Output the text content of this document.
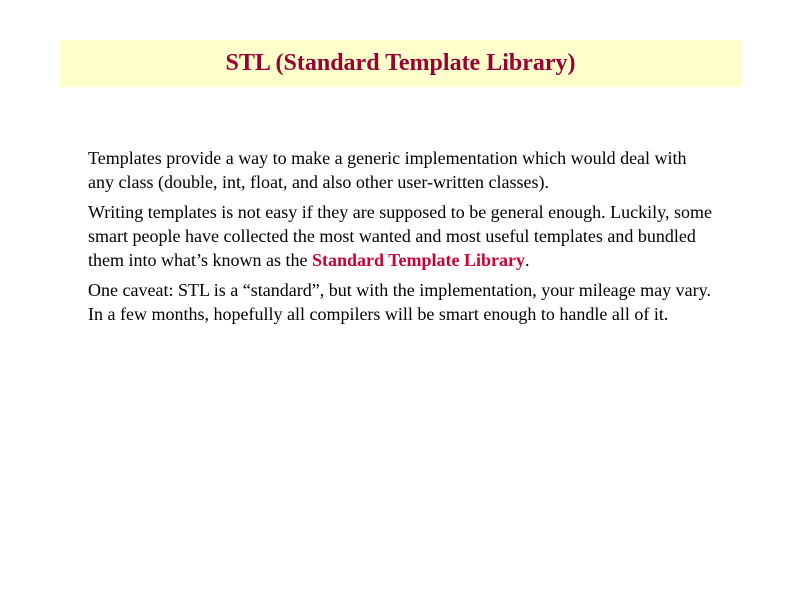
STL (Standard Template Library)

Templates provide a way to make a generic implementation which would deal with any class (double, int, float, and also other user-written classes).

Writing templates is not easy if they are supposed to be general enough. Luckily, some smart people have collected the most wanted and most useful templates and bundled them into what’s known as the Standard Template Library.

One caveat: STL is a “standard”, but with the implementation, your mileage may vary. In a few months, hopefully all compilers will be smart enough to handle all of it.
